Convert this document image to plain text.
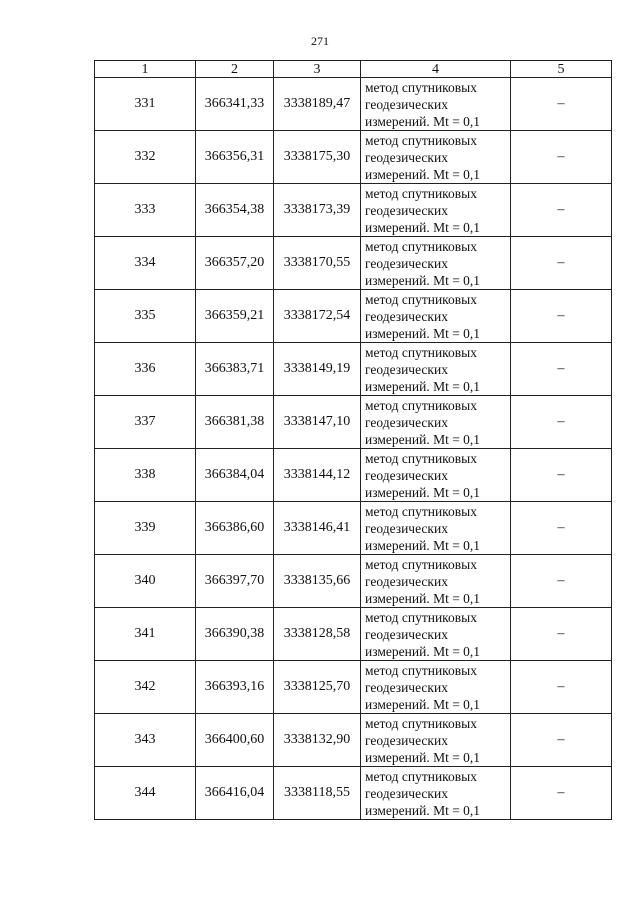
271
1	2	3	4	5
331	366341,33	3338189,47	метод спутниковых
геодезических
измерений. Mt = 0,1	–
332	366356,31	3338175,30	метод спутниковых
геодезических
измерений. Mt = 0,1	–
333	366354,38	3338173,39	метод спутниковых
геодезических
измерений. Mt = 0,1	–
334	366357,20	3338170,55	метод спутниковых
геодезических
измерений. Mt = 0,1	–
335	366359,21	3338172,54	метод спутниковых
геодезических
измерений. Mt = 0,1	–
336	366383,71	3338149,19	метод спутниковых
геодезических
измерений. Mt = 0,1	–
337	366381,38	3338147,10	метод спутниковых
геодезических
измерений. Mt = 0,1	–
338	366384,04	3338144,12	метод спутниковых
геодезических
измерений. Mt = 0,1	–
339	366386,60	3338146,41	метод спутниковых
геодезических
измерений. Mt = 0,1	–
340	366397,70	3338135,66	метод спутниковых
геодезических
измерений. Mt = 0,1	–
341	366390,38	3338128,58	метод спутниковых
геодезических
измерений. Mt = 0,1	–
342	366393,16	3338125,70	метод спутниковых
геодезических
измерений. Mt = 0,1	–
343	366400,60	3338132,90	метод спутниковых
геодезических
измерений. Mt = 0,1	–
344	366416,04	3338118,55	метод спутниковых
геодезических
измерений. Mt = 0,1	–
